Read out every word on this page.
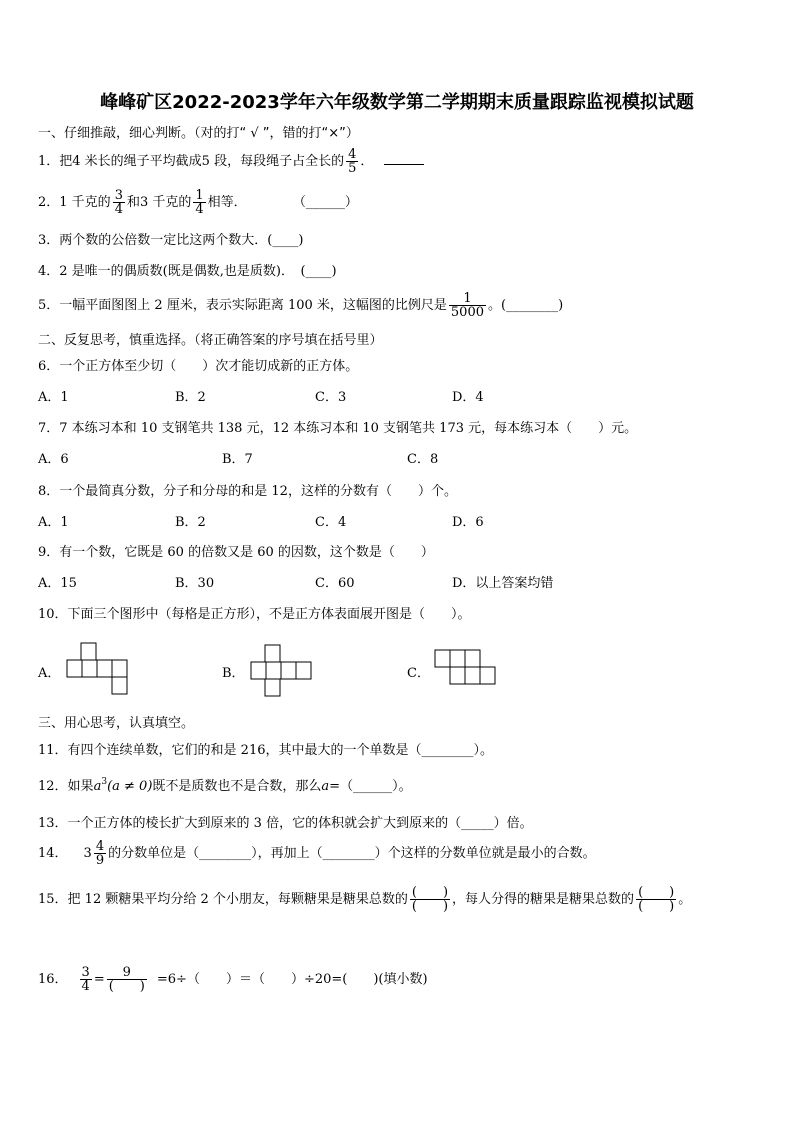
峰峰矿区2022-2023学年六年级数学第二学期期末质量跟踪监视模拟试题
一、仔细推敲，细心判断。（对的打“ √ ”，错的打“×”）
1．把4 米长的绳子平均截成5 段，每段绳子占全长的 $\frac{4}{5}$ ．
2．1 千克的 $\frac{3}{4}$ 和3 千克的 $\frac{1}{4}$ 相等．	（______）
3．两个数的公倍数一定比这两个数大．(____)
4．2 是唯一的偶质数(既是偶数,也是质数)．　(____)
5．一幅平面图图上 2 厘米，表示实际距离 100 米，这幅图的比例尺是 $\frac{1}{5000}$ 。(________)
二、反复思考，慎重选择。（将正确答案的序号填在括号里）
6．一个正方体至少切（　　）次才能切成新的正方体。
A．1	B．2	C．3	D．4
7．7 本练习本和 10 支钢笔共 138 元，12 本练习本和 10 支钢笔共 173 元，每本练习本（　　）元。
A．6	B．7	C．8
8．一个最简真分数，分子和分母的和是 12，这样的分数有（　　）个。
A．1	B．2	C．4	D．6
9．有一个数，它既是 60 的倍数又是 60 的因数，这个数是（　　）
A．15	B．30	C．60	D．以上答案均错
10．下面三个图形中（每格是正方形），不是正方体表面展开图是（　　）。
A．	B．	C．
三、用心思考，认真填空。
11．有四个连续单数，它们的和是 216，其中最大的一个单数是（________）。
12．如果$a^3(a \ne 0)$既不是质数也不是合数，那么a=（______）。
13．一个正方体的棱长扩大到原来的 3 倍，它的体积就会扩大到原来的（_____）倍。
14． $3 \frac{4}{9}$ 的分数单位是（________），再加上（________）个这样的分数单位就是最小的合数。
15．把 12 颗糖果平均分给 2 个小朋友，每颗糖果是糖果总数的 $\frac{( )}{( )}$ ，每人分得的糖果是糖果总数的 $\frac{( )}{( )}$ 。
16． $\frac{3}{4} = \frac{9}{( )} =6\div$（　　）＝（　　）÷20=(　　)(填小数)
